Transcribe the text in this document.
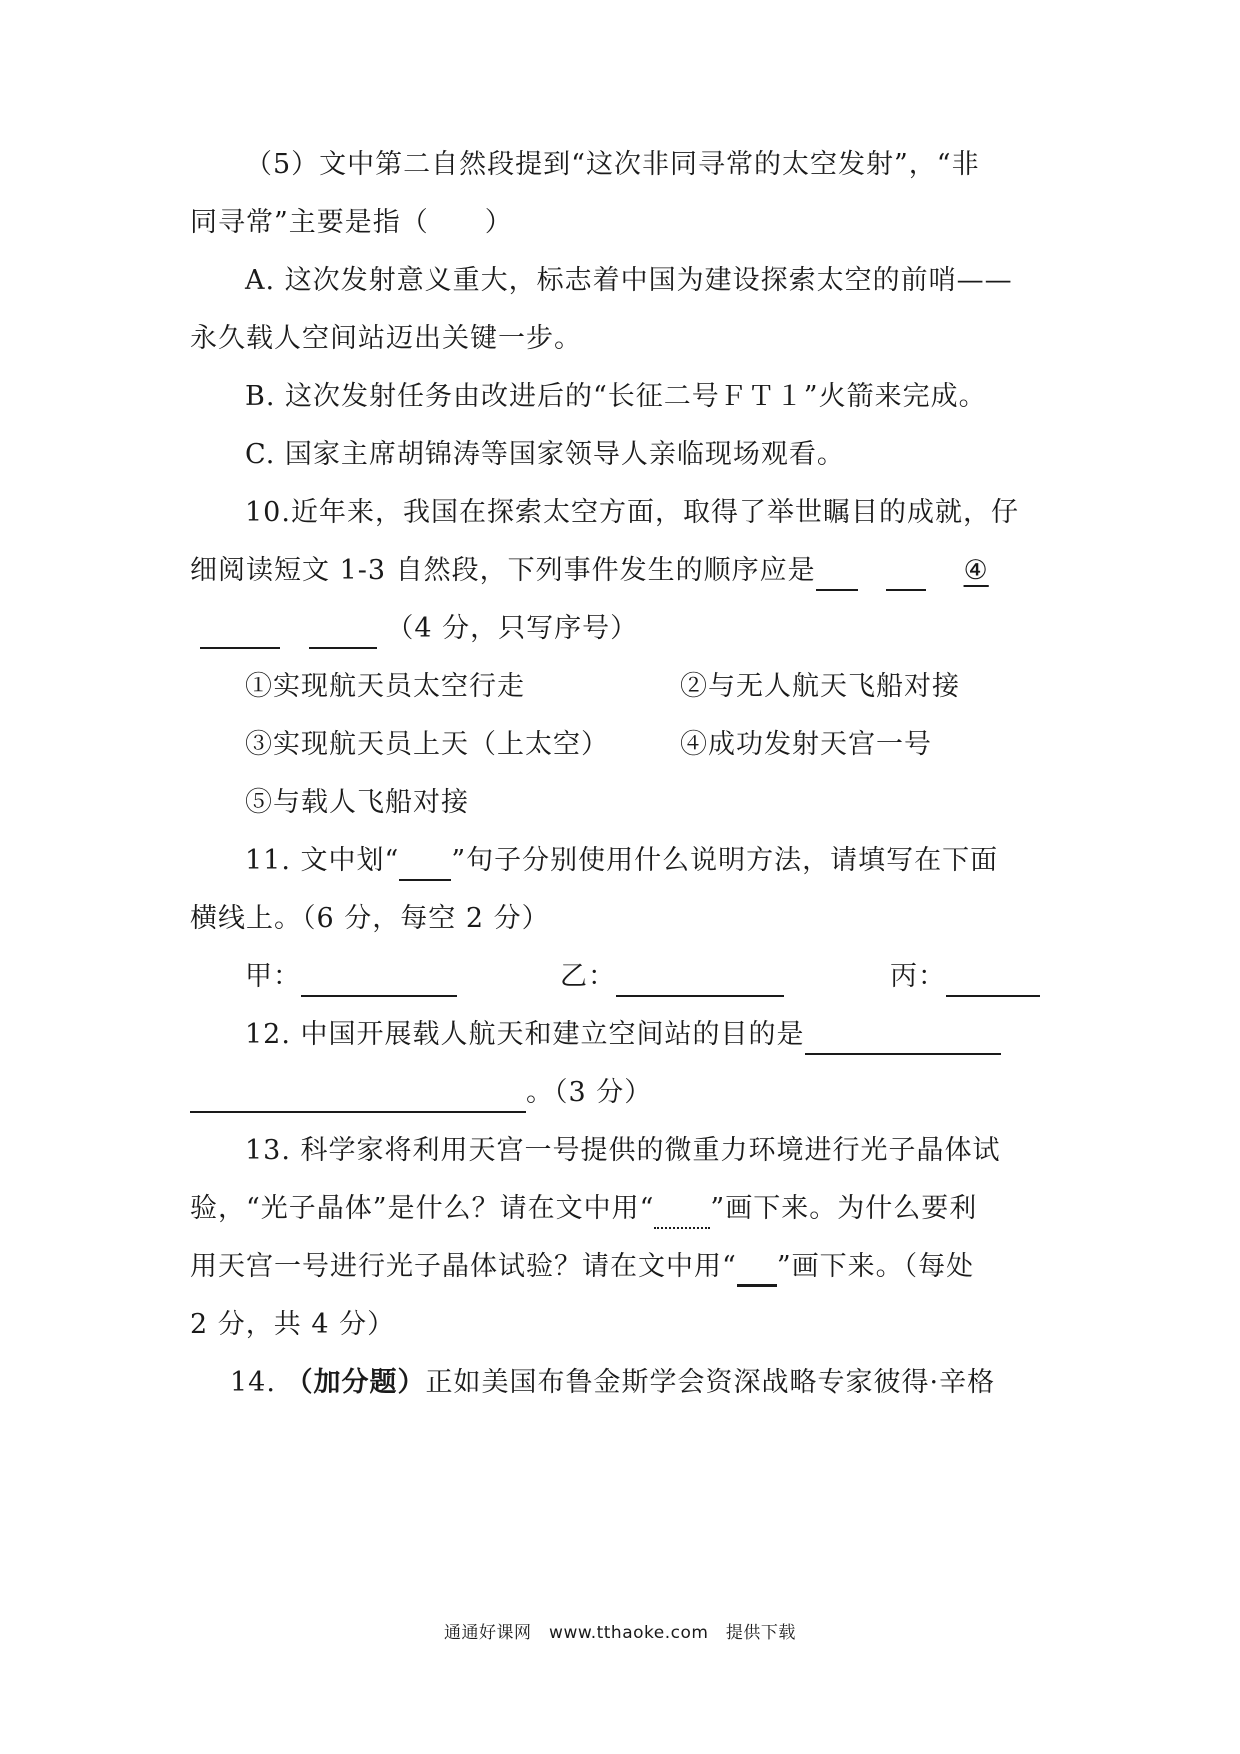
（5）文中第二自然段提到“这次非同寻常的太空发射”，“非
同寻常”主要是指（　　）
A. 这次发射意义重大，标志着中国为建设探索太空的前哨——
永久载人空间站迈出关键一步。
B. 这次发射任务由改进后的“长征二号ＦＴ１”火箭来完成。
C. 国家主席胡锦涛等国家领导人亲临现场观看。
10.近年来，我国在探索太空方面，取得了举世瞩目的成就，仔
细阅读短文 1-3 自然段，下列事件发生的顺序应是	④
（4 分，只写序号）
①实现航天员太空行走	②与无人航天飞船对接
③实现航天员上天（上太空）	④成功发射天宫一号
⑤与载人飞船对接
11. 文中划“ ”句子分别使用什么说明方法，请填写在下面
横线上。（6 分，每空 2 分）
甲：	乙：	丙：
12. 中国开展载人航天和建立空间站的目的是
。（3 分）
13. 科学家将利用天宫一号提供的微重力环境进行光子晶体试
验，“光子晶体”是什么？请在文中用“ ”画下来。为什么要利
用天宫一号进行光子晶体试验？请在文中用“ ”画下来。（每处
2 分，共 4 分）
14. （加分题）正如美国布鲁金斯学会资深战略专家彼得·辛格
通通好课网　www.tthaoke.com　提供下载
